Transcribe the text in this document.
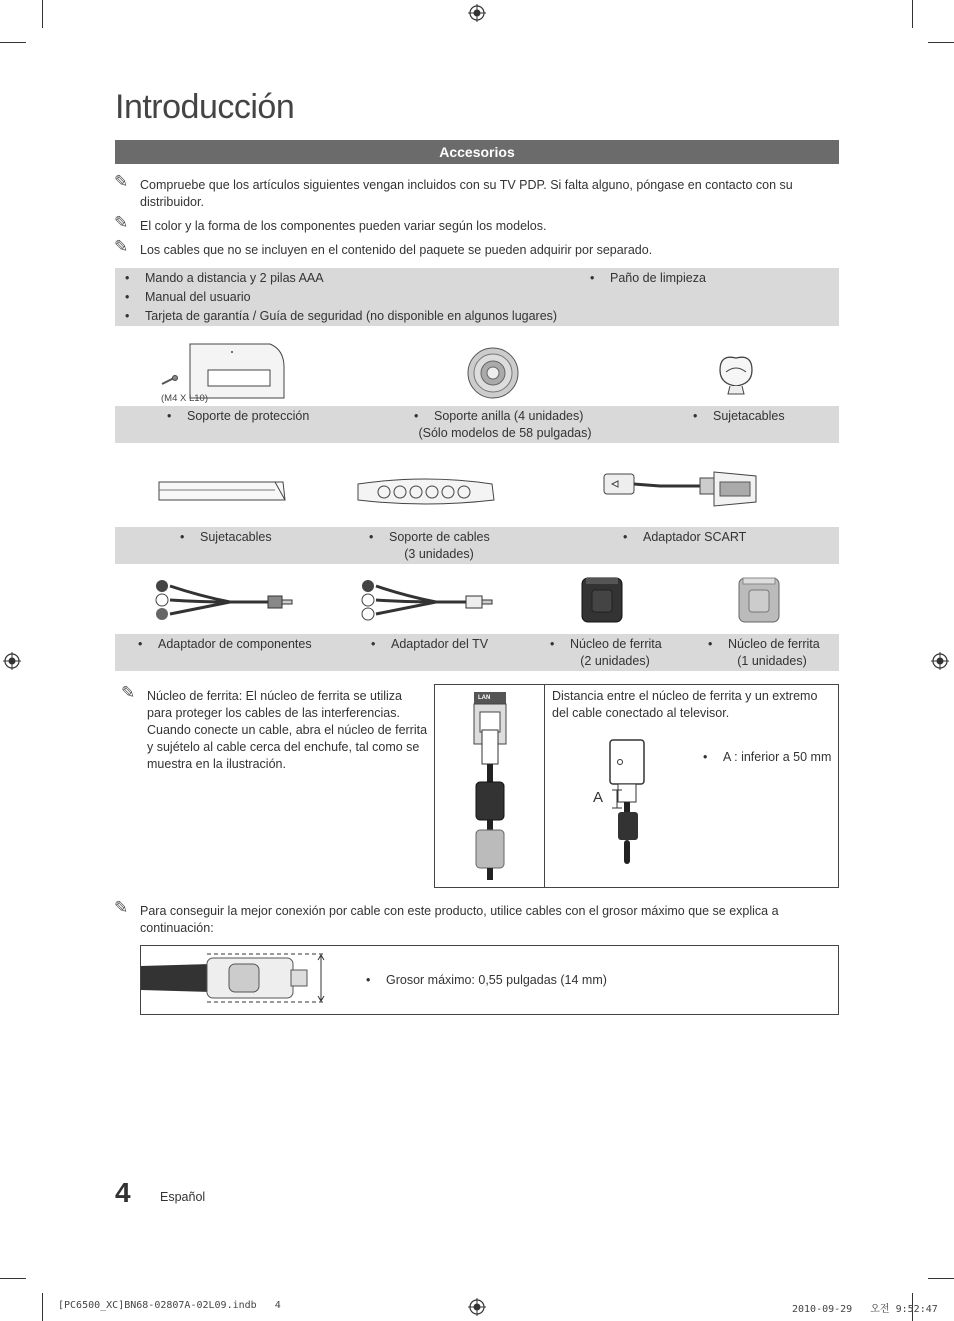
Introducción
Accesorios
✎ Compruebe que los artículos siguientes vengan incluidos con su TV PDP. Si falta alguno, póngase en contacto con su distribuidor.
✎ El color y la forma de los componentes pueden variar según los modelos.
✎ Los cables que no se incluyen en el contenido del paquete se pueden adquirir por separado.
• Mando a distancia y 2 pilas AAA
• Manual del usuario
• Tarjeta de garantía / Guía de seguridad (no disponible en algunos lugares)
• Paño de limpieza
(M4 X L10)
• Soporte de protección	• Soporte anilla (4 unidades)
(Sólo modelos de 58 pulgadas)
• Sujetacables
• Sujetacables	• Soporte de cables
(3 unidades)
• Adaptador SCART
• Adaptador de componentes	• Adaptador del TV	• Núcleo de ferrita
(2 unidades)
• Núcleo de ferrita
(1 unidades)
✎ Núcleo de ferrita: El núcleo de ferrita se utiliza para proteger los cables de las interferencias. Cuando conecte un cable, abra el núcleo de ferrita y sujételo al cable cerca del enchufe, tal como se muestra en la ilustración.
LAN	Distancia entre el núcleo de ferrita y un extremo del cable conectado al televisor.
A
• A : inferior a 50 mm
✎ Para conseguir la mejor conexión por cable con este producto, utilice cables con el grosor máximo que se explica a continuación:
• Grosor máximo: 0,55 pulgadas (14 mm)
4 Español
[PC6500_XC]BN68-02807A-02L09.indb   4	2010-09-29   오전 9:52:47
